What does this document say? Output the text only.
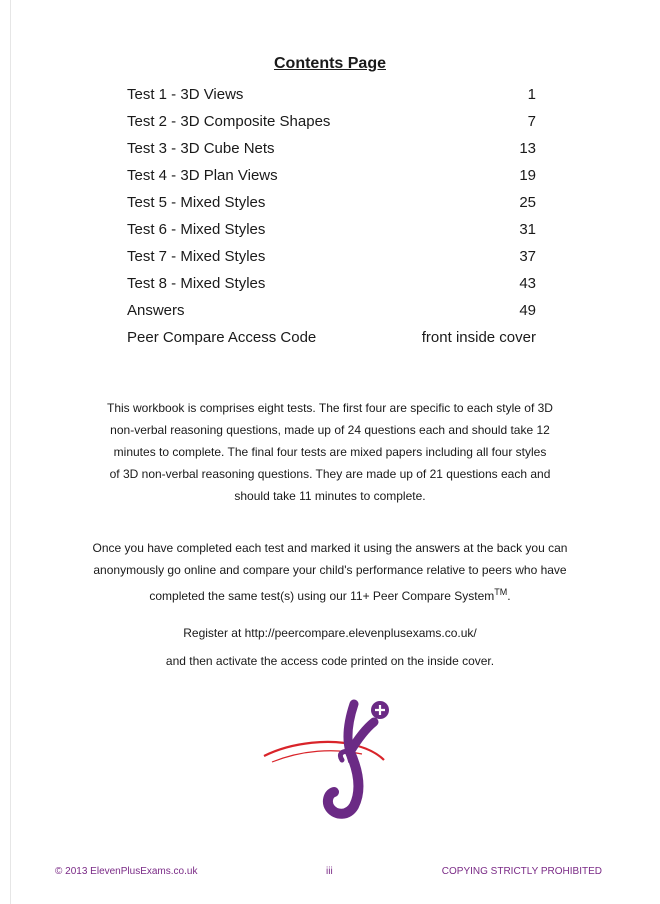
Contents Page
Test 1 - 3D Views	1
Test 2 - 3D Composite Shapes	7
Test 3 - 3D Cube Nets	13
Test 4 - 3D Plan Views	19
Test 5 - Mixed Styles	25
Test 6 - Mixed Styles	31
Test 7 - Mixed Styles	37
Test 8 - Mixed Styles	43
Answers	49
Peer Compare Access Code	front inside cover
This workbook is comprises eight tests. The first four are specific to each style of 3D
non-verbal reasoning questions, made up of 24 questions each and should take 12
minutes to complete. The final four tests are mixed papers including all four styles
of 3D non-verbal reasoning questions. They are made up of 21 questions each and
should take 11 minutes to complete.
Once you have completed each test and marked it using the answers at the back you can
anonymously go online and compare your child's performance relative to peers who have
completed the same test(s) using our 11+ Peer Compare System™.
Register at http://peercompare.elevenplusexams.co.uk/
and then activate the access code printed on the inside cover.
© 2013 ElevenPlusExams.co.uk	iii	COPYING STRICTLY PROHIBITED
